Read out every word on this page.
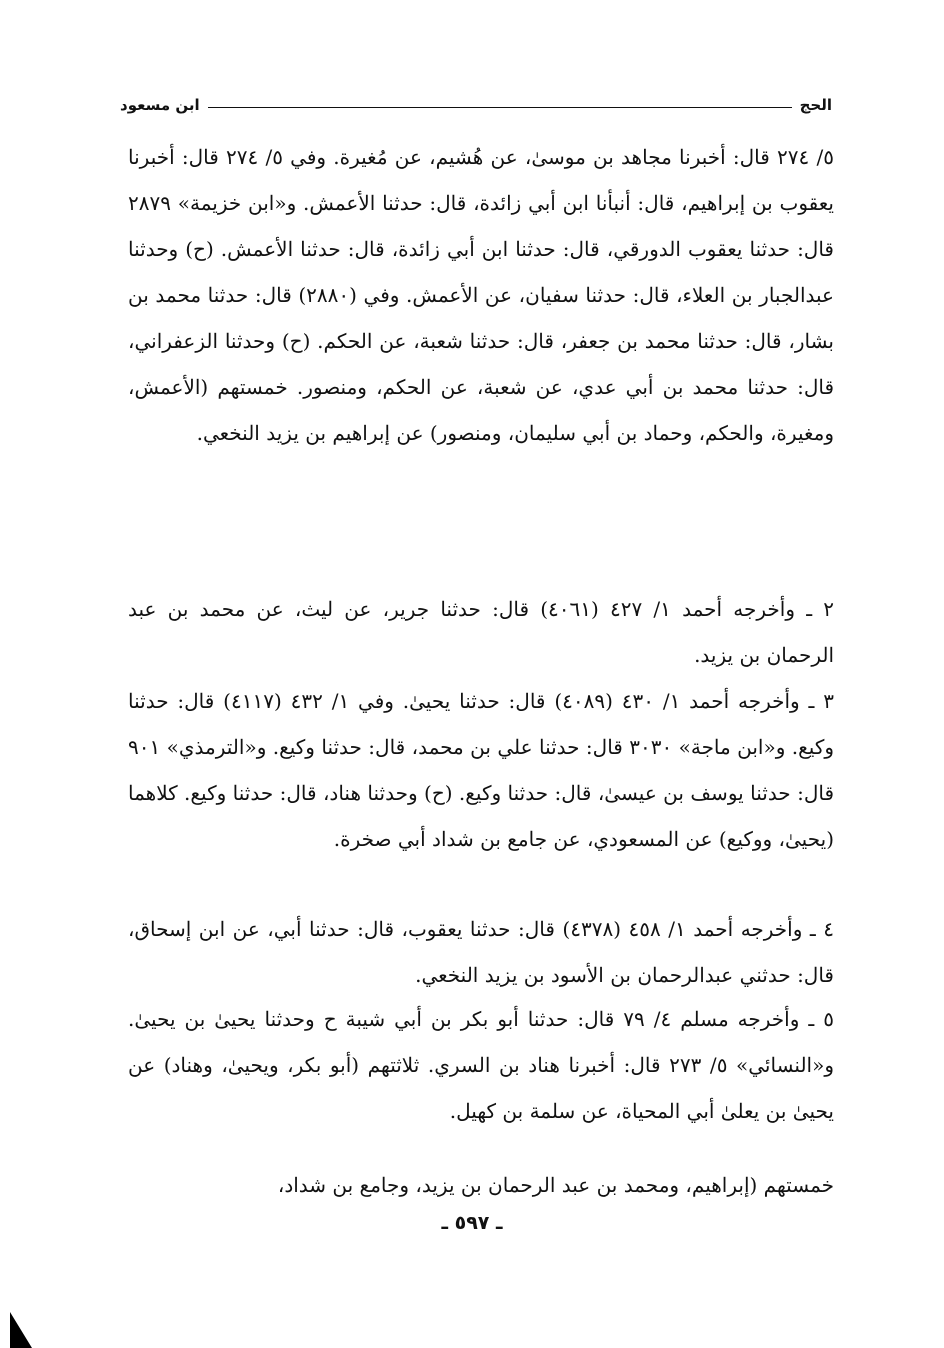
الحج
ابن مسعود

٥/ ٢٧٤ قال: أخبرنا مجاهد بن موسىٰ، عن هُشيم، عن مُغيرة. وفي ٥/ ٢٧٤ قال: أخبرنا يعقوب بن إبراهيم، قال: أنبأنا ابن أبي زائدة، قال: حدثنا الأعمش. و«ابن خزيمة» ٢٨٧٩ قال: حدثنا يعقوب الدورقي، قال: حدثنا ابن أبي زائدة، قال: حدثنا الأعمش. (ح) وحدثنا عبدالجبار بن العلاء، قال: حدثنا سفيان، عن الأعمش. وفي (٢٨٨٠) قال: حدثنا محمد بن بشار، قال: حدثنا محمد بن جعفر، قال: حدثنا شعبة، عن الحكم. (ح) وحدثنا الزعفراني، قال: حدثنا محمد بن أبي عدي، عن شعبة، عن الحكم، ومنصور. خمستهم (الأعمش، ومغيرة، والحكم، وحماد بن أبي سليمان، ومنصور) عن إبراهيم بن يزيد النخعي.

٢ ـ وأخرجه أحمد ١/ ٤٢٧ (٤٠٦١) قال: حدثنا جرير، عن ليث، عن محمد بن عبد الرحمان بن يزيد.

٣ ـ وأخرجه أحمد ١/ ٤٣٠ (٤٠٨٩) قال: حدثنا يحيىٰ. وفي ١/ ٤٣٢ (٤١١٧) قال: حدثنا وكيع. و«ابن ماجة» ٣٠٣٠ قال: حدثنا علي بن محمد، قال: حدثنا وكيع. و«الترمذي» ٩٠١ قال: حدثنا يوسف بن عيسىٰ، قال: حدثنا وكيع. (ح) وحدثنا هناد، قال: حدثنا وكيع. كلاهما (يحيىٰ، ووكيع) عن المسعودي، عن جامع بن شداد أبي صخرة.

٤ ـ وأخرجه أحمد ١/ ٤٥٨ (٤٣٧٨) قال: حدثنا يعقوب، قال: حدثنا أبي، عن ابن إسحاق، قال: حدثني عبدالرحمان بن الأسود بن يزيد النخعي.

٥ ـ وأخرجه مسلم ٤/ ٧٩ قال: حدثنا أبو بكر بن أبي شيبة ح وحدثنا يحيىٰ بن يحيىٰ. و«النسائي» ٥/ ٢٧٣ قال: أخبرنا هناد بن السري. ثلاثتهم (أبو بكر، ويحيىٰ، وهناد) عن يحيىٰ بن يعلىٰ أبي المحياة، عن سلمة بن كهيل.

خمستهم (إبراهيم، ومحمد بن عبد الرحمان بن يزيد، وجامع بن شداد،

ـ ٥٩٧ ـ
